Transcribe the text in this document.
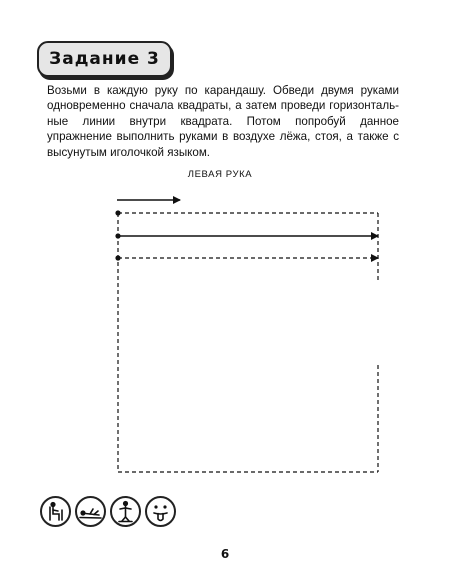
Задание 3
Возьми в каждую руку по карандашу. Обведи двумя руками одновременно сначала квадраты, а затем проведи горизонтальные линии внутри квадрата. Потом попробуй данное упражнение выполнить руками в воздухе лёжа, стоя, а также с высунутым иголочкой языком.
ЛЕВАЯ РУКА
6
